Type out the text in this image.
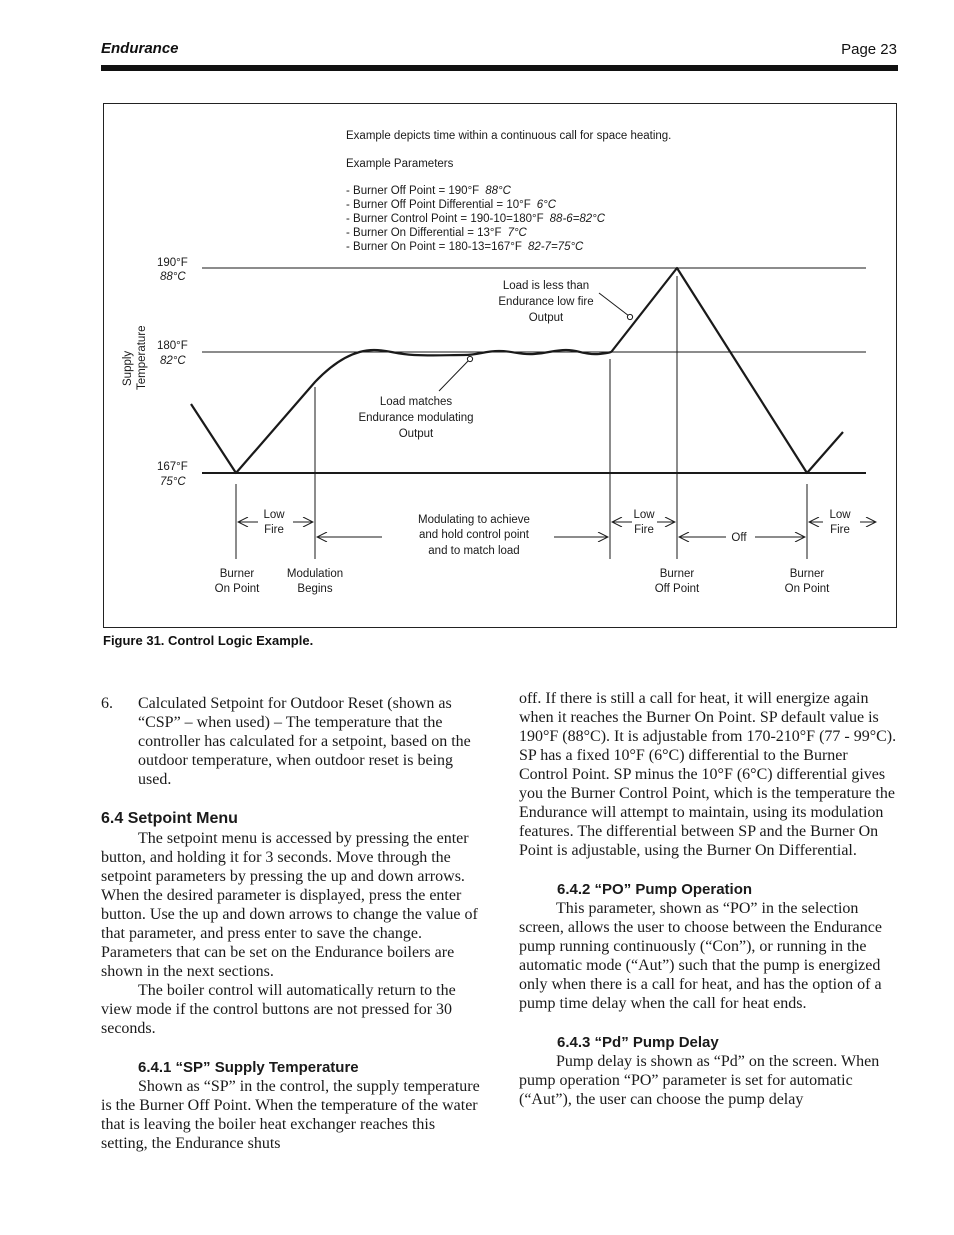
Endurance	Page 23
Example depicts time within a continuous call for space heating.
Example Parameters
- Burner Off Point = 190°F 88°C
- Burner Off Point Differential = 10°F 6°C
- Burner Control Point = 190-10=180°F 88-6=82°C
- Burner On Differential = 13°F 7°C
- Burner On Point = 180-13=167°F 82-7=75°C
Supply Temperature
190°F
88°C
180°F
82°C
167°F
75°C
Load is less than
Endurance low fire
Output
Load matches
Endurance modulating
Output
Low
Fire
Modulating to achieve
and hold control point
and to match load
Low
Fire
Off
Low
Fire
Burner
On Point
Modulation
Begins
Burner
Off Point
Burner
On Point
Figure 31. Control Logic Example.
6.	Calculated Setpoint for Outdoor Reset (shown as “CSP” – when used) – The temperature that the controller has calculated for a setpoint, based on the outdoor temperature, when outdoor reset is being used.

6.4 Setpoint Menu

The setpoint menu is accessed by pressing the enter button, and holding it for 3 seconds. Move through the setpoint parameters by pressing the up and down arrows. When the desired parameter is displayed, press the enter button. Use the up and down arrows to change the value of that parameter, and press enter to save the change. Parameters that can be set on the Endurance boilers are shown in the next sections.

The boiler control will automatically return to the view mode if the control buttons are not pressed for 30 seconds.

6.4.1 “SP” Supply Temperature

Shown as “SP” in the control, the supply temperature is the Burner Off Point. When the temperature of the water that is leaving the boiler heat exchanger reaches this setting, the Endurance shuts

off. If there is still a call for heat, it will energize again when it reaches the Burner On Point. SP default value is 190°F (88°C). It is adjustable from 170-210°F (77 - 99°C). SP has a fixed 10°F (6°C) differential to the Burner Control Point. SP minus the 10°F (6°C) differential gives you the Burner Control Point, which is the temperature the Endurance will attempt to maintain, using its modulation features. The differential between SP and the Burner On Point is adjustable, using the Burner On Differential.

6.4.2 “PO” Pump Operation

This parameter, shown as “PO” in the selection screen, allows the user to choose between the Endurance pump running continuously (“Con”), or running in the automatic mode (“Aut”) such that the pump is energized only when there is a call for heat, and has the option of a pump time delay when the call for heat ends.

6.4.3 “Pd” Pump Delay

Pump delay is shown as “Pd” on the screen. When pump operation “PO” parameter is set for automatic (“Aut”), the user can choose the pump delay
